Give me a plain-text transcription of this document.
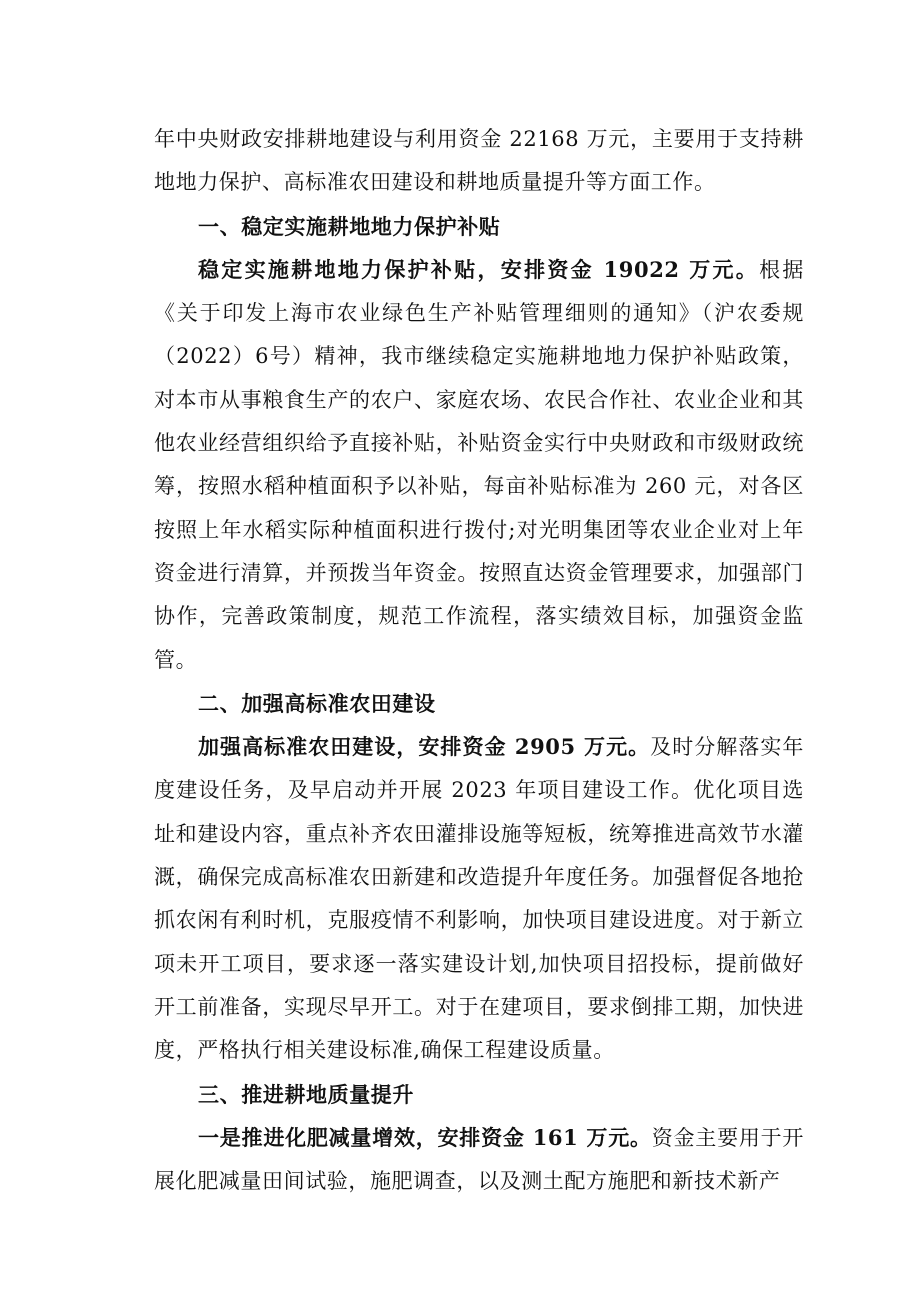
年中央财政安排耕地建设与利用资金 22168 万元，主要用于支持耕地地力保护、高标准农田建设和耕地质量提升等方面工作。

一、稳定实施耕地地力保护补贴

稳定实施耕地地力保护补贴，安排资金 19022 万元。根据《关于印发上海市农业绿色生产补贴管理细则的通知》（沪农委规（2022）6号）精神，我市继续稳定实施耕地地力保护补贴政策，对本市从事粮食生产的农户、家庭农场、农民合作社、农业企业和其他农业经营组织给予直接补贴，补贴资金实行中央财政和市级财政统筹，按照水稻种植面积予以补贴，每亩补贴标准为 260 元，对各区按照上年水稻实际种植面积进行拨付;对光明集团等农业企业对上年资金进行清算，并预拨当年资金。按照直达资金管理要求，加强部门协作，完善政策制度，规范工作流程，落实绩效目标，加强资金监管。

二、加强高标准农田建设

加强高标准农田建设，安排资金 2905 万元。及时分解落实年度建设任务，及早启动并开展 2023 年项目建设工作。优化项目选址和建设内容，重点补齐农田灌排设施等短板，统筹推进高效节水灌溉，确保完成高标准农田新建和改造提升年度任务。加强督促各地抢抓农闲有利时机，克服疫情不利影响，加快项目建设进度。对于新立项未开工项目，要求逐一落实建设计划,加快项目招投标，提前做好开工前准备，实现尽早开工。对于在建项目，要求倒排工期，加快进度，严格执行相关建设标准,确保工程建设质量。

三、推进耕地质量提升

一是推进化肥减量增效，安排资金 161 万元。资金主要用于开展化肥减量田间试验，施肥调查，以及测土配方施肥和新技术新产
